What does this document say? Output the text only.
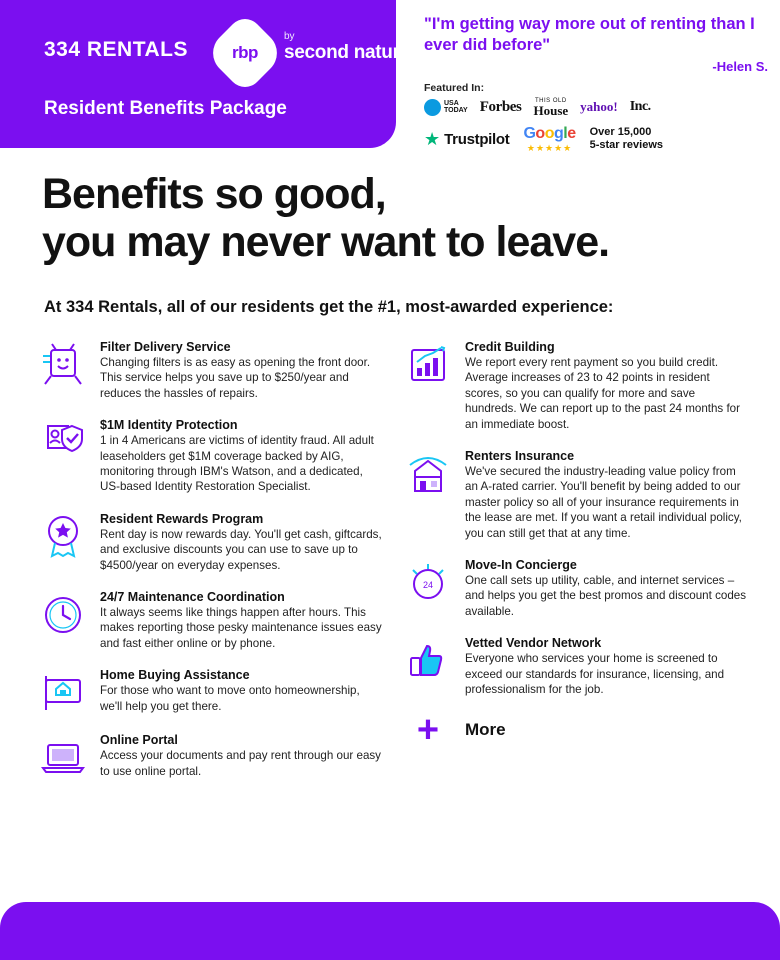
334 RENTALS
Resident Benefits Package
rbp
by
second nature
"I'm getting way more out of renting than I ever did before"
-Helen S.
Featured In:
USA
TODAY Forbes THIS OLD
House yahoo! Inc.
★ Trustpilot Google
★★★★★
Over 15,000
5-star reviews
Benefits so good,
you may never want to leave.
At 334 Rentals, all of our residents get the #1, most-awarded experience:
Filter Delivery Service
Changing filters is as easy as opening the front door. This service helps you save up to $250/year and reduces the hassles of repairs.
$1M Identity Protection
1 in 4 Americans are victims of identity fraud. All adult leaseholders get $1M coverage backed by AIG, monitoring through IBM's Watson, and a dedicated, US-based Identity Restoration Specialist.
Resident Rewards Program
Rent day is now rewards day. You'll get cash, giftcards, and exclusive discounts you can use to save up to $4500/year on everyday expenses.
24/7 Maintenance Coordination
It always seems like things happen after hours. This makes reporting those pesky maintenance issues easy and fast either online or by phone.
Home Buying Assistance
For those who want to move onto homeownership, we'll help you get there.
Online Portal
Access your documents and pay rent through our easy to use online portal.
Credit Building
We report every rent payment so you build credit. Average increases of 23 to 42 points in resident scores, so you can qualify for more and save hundreds. We can report up to the past 24 months for an immediate boost.
Renters Insurance
We've secured the industry-leading value policy from an A-rated carrier. You'll benefit by being added to our master policy so all of your insurance requirements in the lease are met. If you want a retail individual policy, you can still get that at any time.
24
Move-In Concierge
One call sets up utility, cable, and internet services – and helps you get the best promos and discount codes available.
Vetted Vendor Network
Everyone who services your home is screened to exceed our standards for insurance, licensing, and professionalism for the job.
+	More
